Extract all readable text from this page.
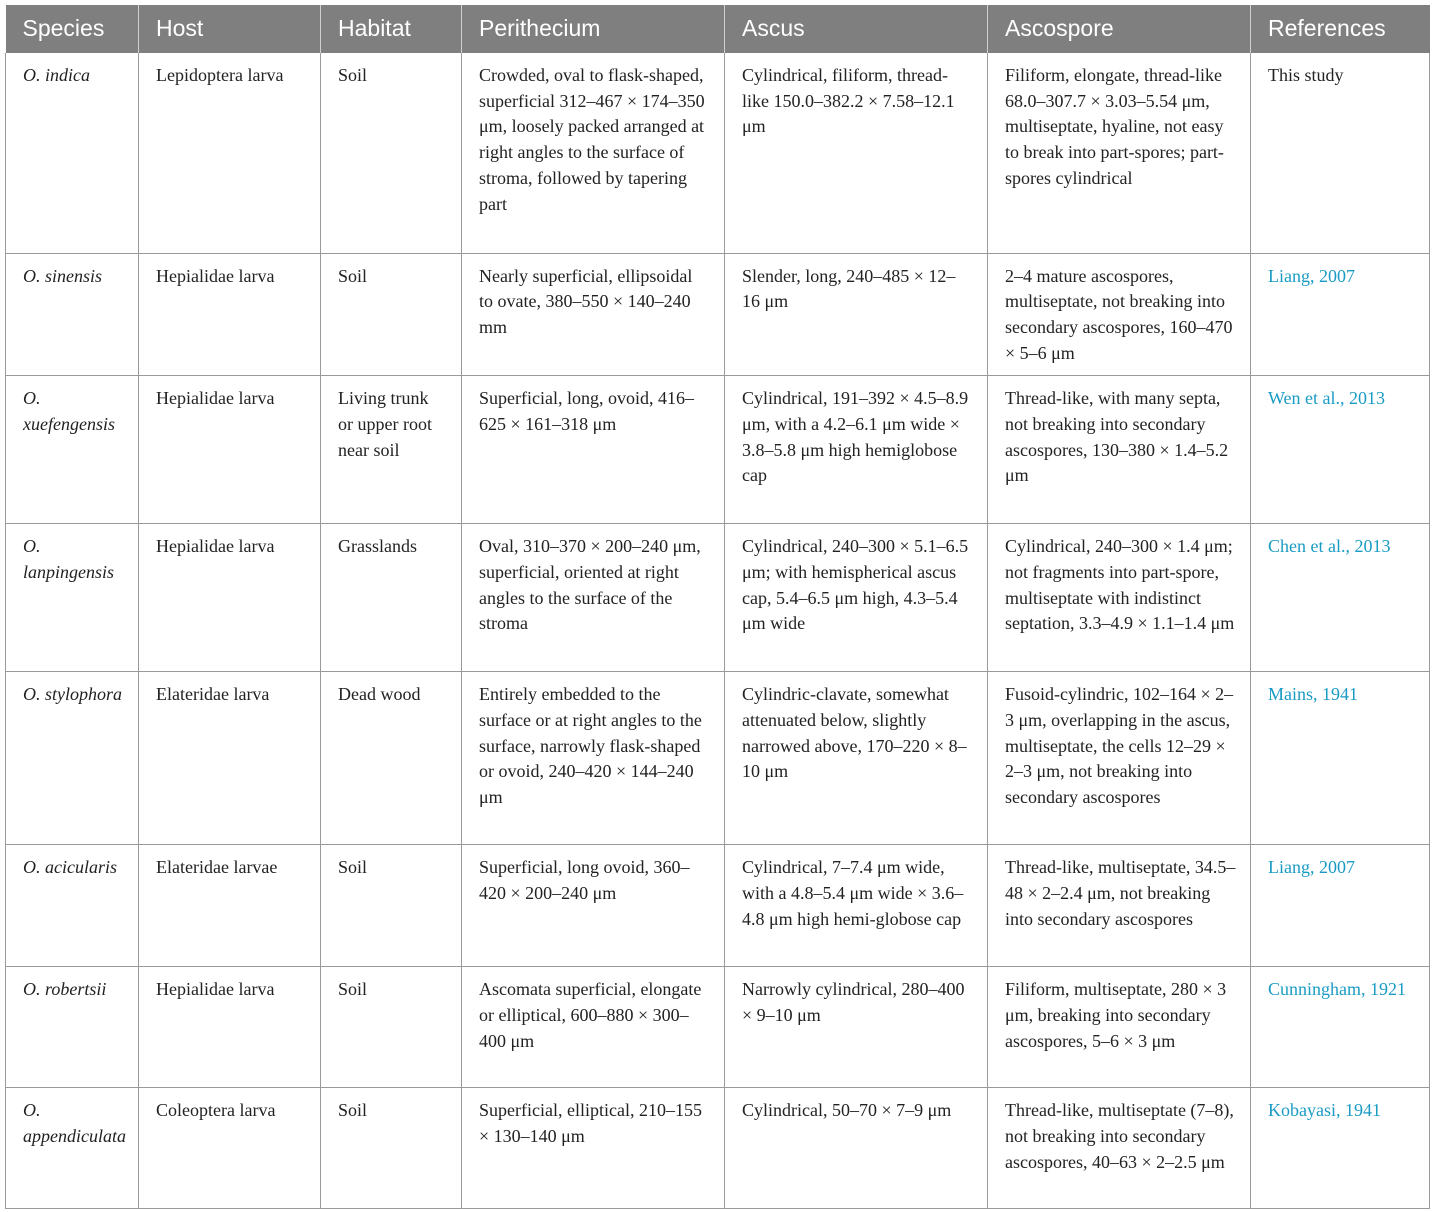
Species	Host	Habitat	Perithecium	Ascus	Ascospore	References
O. indica	Lepidoptera larva	Soil	Crowded, oval to flask-shaped, superficial 312–467 × 174–350 μm, loosely packed arranged at right angles to the surface of stroma, followed by tapering part	Cylindrical, filiform, thread-like 150.0–382.2 × 7.58–12.1 μm	Filiform, elongate, thread-like 68.0–307.7 × 3.03–5.54 μm, multiseptate, hyaline, not easy to break into part-spores; part-spores cylindrical	This study
O. sinensis	Hepialidae larva	Soil	Nearly superficial, ellipsoidal to ovate, 380–550 × 140–240 mm	Slender, long, 240–485 × 12–16 μm	2–4 mature ascospores, multiseptate, not breaking into secondary ascospores, 160–470 × 5–6 μm	Liang, 2007
O. xuefengensis	Hepialidae larva	Living trunk or upper root near soil	Superficial, long, ovoid, 416–625 × 161–318 μm	Cylindrical, 191–392 × 4.5–8.9 μm, with a 4.2–6.1 μm wide × 3.8–5.8 μm high hemiglobose cap	Thread-like, with many septa, not breaking into secondary ascospores, 130–380 × 1.4–5.2 μm	Wen et al., 2013
O. lanpingensis	Hepialidae larva	Grasslands	Oval, 310–370 × 200–240 μm, superficial, oriented at right angles to the surface of the stroma	Cylindrical, 240–300 × 5.1–6.5 μm; with hemispherical ascus cap, 5.4–6.5 μm high, 4.3–5.4 μm wide	Cylindrical, 240–300 × 1.4 μm; not fragments into part-spore, multiseptate with indistinct septation, 3.3–4.9 × 1.1–1.4 μm	Chen et al., 2013
O. stylophora	Elateridae larva	Dead wood	Entirely embedded to the surface or at right angles to the surface, narrowly flask-shaped or ovoid, 240–420 × 144–240 μm	Cylindric-clavate, somewhat attenuated below, slightly narrowed above, 170–220 × 8–10 μm	Fusoid-cylindric, 102–164 × 2–3 μm, overlapping in the ascus, multiseptate, the cells 12–29 × 2–3 μm, not breaking into secondary ascospores	Mains, 1941
O. acicularis	Elateridae larvae	Soil	Superficial, long ovoid, 360–420 × 200–240 μm	Cylindrical, 7–7.4 μm wide, with a 4.8–5.4 μm wide × 3.6–4.8 μm high hemi-globose cap	Thread-like, multiseptate, 34.5–48 × 2–2.4 μm, not breaking into secondary ascospores	Liang, 2007
O. robertsii	Hepialidae larva	Soil	Ascomata superficial, elongate or elliptical, 600–880 × 300– 400 μm	Narrowly cylindrical, 280–400 × 9–10 μm	Filiform, multiseptate, 280 × 3 μm, breaking into secondary ascospores, 5–6 × 3 μm	Cunningham, 1921
O. appendiculata	Coleoptera larva	Soil	Superficial, elliptical, 210–155 × 130–140 μm	Cylindrical, 50–70 × 7–9 μm	Thread-like, multiseptate (7–8), not breaking into secondary ascospores, 40–63 × 2–2.5 μm	Kobayasi, 1941
